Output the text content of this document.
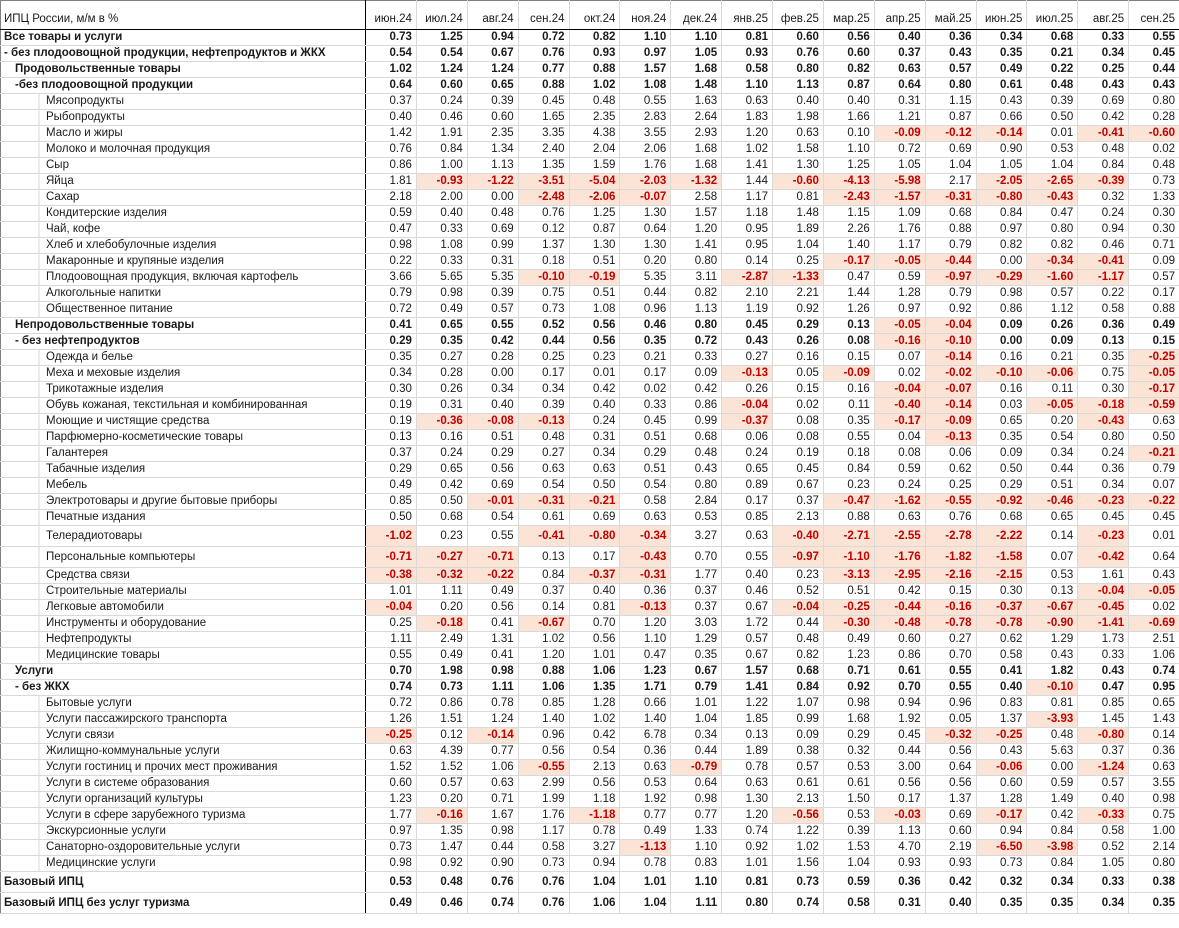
ИПЦ России, м/м в %	июн.24	июл.24	авг.24	сен.24	окт.24	ноя.24	дек.24	янв.25	фев.25	мар.25	апр.25	май.25	июн.25	июл.25	авг.25	сен.25
Все товары и услуги	0.73	1.25	0.94	0.72	0.82	1.10	1.10	0.81	0.60	0.56	0.40	0.36	0.34	0.68	0.33	0.55
- без плодоовощной продукции, нефтепродуктов и ЖКХ	0.54	0.54	0.67	0.76	0.93	0.97	1.05	0.93	0.76	0.60	0.37	0.43	0.35	0.21	0.34	0.45
Продовольственные товары	1.02	1.24	1.24	0.77	0.88	1.57	1.68	0.58	0.80	0.82	0.63	0.57	0.49	0.22	0.25	0.44
-без плодоовощной продукции	0.64	0.60	0.65	0.88	1.02	1.08	1.48	1.10	1.13	0.87	0.64	0.80	0.61	0.48	0.43	0.43
Мясопродукты	0.37	0.24	0.39	0.45	0.48	0.55	1.63	0.63	0.40	0.40	0.31	1.15	0.43	0.39	0.69	0.80
Рыбопродукты	0.40	0.46	0.60	1.65	2.35	2.83	2.64	1.83	1.98	1.66	1.21	0.87	0.66	0.50	0.42	0.28
Масло и жиры	1.42	1.91	2.35	3.35	4.38	3.55	2.93	1.20	0.63	0.10	-0.09	-0.12	-0.14	0.01	-0.41	-0.60
Молоко и молочная продукция	0.76	0.84	1.34	2.40	2.04	2.06	1.68	1.02	1.58	1.10	0.72	0.69	0.90	0.53	0.48	0.02
Сыр	0.86	1.00	1.13	1.35	1.59	1.76	1.68	1.41	1.30	1.25	1.05	1.04	1.05	1.04	0.84	0.48
Яйца	1.81	-0.93	-1.22	-3.51	-5.04	-2.03	-1.32	1.44	-0.60	-4.13	-5.98	2.17	-2.05	-2.65	-0.39	0.73
Сахар	2.18	2.00	0.00	-2.48	-2.06	-0.07	2.58	1.17	0.81	-2.43	-1.57	-0.31	-0.80	-0.43	0.32	1.33
Кондитерские изделия	0.59	0.40	0.48	0.76	1.25	1.30	1.57	1.18	1.48	1.15	1.09	0.68	0.84	0.47	0.24	0.30
Чай, кофе	0.47	0.33	0.69	0.12	0.87	0.64	1.20	0.95	1.89	2.26	1.76	0.88	0.97	0.80	0.94	0.30
Хлеб и хлебобулочные изделия	0.98	1.08	0.99	1.37	1.30	1.30	1.41	0.95	1.04	1.40	1.17	0.79	0.82	0.82	0.46	0.71
Макаронные и крупяные изделия	0.22	0.33	0.31	0.18	0.51	0.20	0.80	0.14	0.25	-0.17	-0.05	-0.44	0.00	-0.34	-0.41	0.09
Плодоовощная продукция, включая картофель	3.66	5.65	5.35	-0.10	-0.19	5.35	3.11	-2.87	-1.33	0.47	0.59	-0.97	-0.29	-1.60	-1.17	0.57
Алкогольные напитки	0.79	0.98	0.39	0.75	0.51	0.44	0.82	2.10	2.21	1.44	1.28	0.79	0.98	0.57	0.22	0.17
Общественное питание	0.72	0.49	0.57	0.73	1.08	0.96	1.13	1.19	0.92	1.26	0.97	0.92	0.86	1.12	0.58	0.88
Непродовольственные товары	0.41	0.65	0.55	0.52	0.56	0.46	0.80	0.45	0.29	0.13	-0.05	-0.04	0.09	0.26	0.36	0.49
- без нефтепродуктов	0.29	0.35	0.42	0.44	0.56	0.35	0.72	0.43	0.26	0.08	-0.16	-0.10	0.00	0.09	0.13	0.15
Одежда и белье	0.35	0.27	0.28	0.25	0.23	0.21	0.33	0.27	0.16	0.15	0.07	-0.14	0.16	0.21	0.35	-0.25
Меха и меховые изделия	0.34	0.28	0.00	0.17	0.01	0.17	0.09	-0.13	0.05	-0.09	0.02	-0.02	-0.10	-0.06	0.75	-0.05
Трикотажные изделия	0.30	0.26	0.34	0.34	0.42	0.02	0.42	0.26	0.15	0.16	-0.04	-0.07	0.16	0.11	0.30	-0.17
Обувь кожаная, текстильная и комбинированная	0.19	0.31	0.40	0.39	0.40	0.33	0.86	-0.04	0.02	0.11	-0.40	-0.14	0.03	-0.05	-0.18	-0.59
Моющие и чистящие средства	0.19	-0.36	-0.08	-0.13	0.24	0.45	0.99	-0.37	0.08	0.35	-0.17	-0.09	0.65	0.20	-0.43	0.63
Парфюмерно-косметические товары	0.13	0.16	0.51	0.48	0.31	0.51	0.68	0.06	0.08	0.55	0.04	-0.13	0.35	0.54	0.80	0.50
Галантерея	0.37	0.24	0.29	0.27	0.34	0.29	0.48	0.24	0.19	0.18	0.08	0.06	0.09	0.34	0.24	-0.21
Табачные изделия	0.29	0.65	0.56	0.63	0.63	0.51	0.43	0.65	0.45	0.84	0.59	0.62	0.50	0.44	0.36	0.79
Мебель	0.49	0.42	0.69	0.54	0.50	0.54	0.80	0.89	0.67	0.23	0.24	0.25	0.29	0.51	0.34	0.07
Электротовары и другие бытовые приборы	0.85	0.50	-0.01	-0.31	-0.21	0.58	2.84	0.17	0.37	-0.47	-1.62	-0.55	-0.92	-0.46	-0.23	-0.22
Печатные издания	0.50	0.68	0.54	0.61	0.69	0.63	0.53	0.85	2.13	0.88	0.63	0.76	0.68	0.65	0.45	0.45
Телерадиотовары	-1.02	0.23	0.55	-0.41	-0.80	-0.34	3.27	0.63	-0.40	-2.71	-2.55	-2.78	-2.22	0.14	-0.23	0.01
Персональные компьютеры	-0.71	-0.27	-0.71	0.13	0.17	-0.43	0.70	0.55	-0.97	-1.10	-1.76	-1.82	-1.58	0.07	-0.42	0.64
Средства связи	-0.38	-0.32	-0.22	0.84	-0.37	-0.31	1.77	0.40	0.23	-3.13	-2.95	-2.16	-2.15	0.53	1.61	0.43
Строительные материалы	1.01	1.11	0.49	0.37	0.40	0.36	0.37	0.46	0.52	0.51	0.42	0.15	0.30	0.13	-0.04	-0.05
Легковые автомобили	-0.04	0.20	0.56	0.14	0.81	-0.13	0.37	0.67	-0.04	-0.25	-0.44	-0.16	-0.37	-0.67	-0.45	0.02
Инструменты и оборудование	0.25	-0.18	0.41	-0.67	0.70	1.20	3.03	1.72	0.44	-0.30	-0.48	-0.78	-0.78	-0.90	-1.41	-0.69
Нефтепродукты	1.11	2.49	1.31	1.02	0.56	1.10	1.29	0.57	0.48	0.49	0.60	0.27	0.62	1.29	1.73	2.51
Медицинские товары	0.55	0.49	0.41	1.20	1.01	0.47	0.35	0.67	0.82	1.23	0.86	0.70	0.58	0.43	0.33	1.06
Услуги	0.70	1.98	0.98	0.88	1.06	1.23	0.67	1.57	0.68	0.71	0.61	0.55	0.41	1.82	0.43	0.74
- без ЖКХ	0.74	0.73	1.11	1.06	1.35	1.71	0.79	1.41	0.84	0.92	0.70	0.55	0.40	-0.10	0.47	0.95
Бытовые услуги	0.72	0.86	0.78	0.85	1.28	0.66	1.01	1.22	1.07	0.98	0.94	0.96	0.83	0.81	0.85	0.65
Услуги пассажирского транспорта	1.26	1.51	1.24	1.40	1.02	1.40	1.04	1.85	0.99	1.68	1.92	0.05	1.37	-3.93	1.45	1.43
Услуги связи	-0.25	0.12	-0.14	0.96	0.42	6.78	0.34	0.13	0.09	0.29	0.45	-0.32	-0.25	0.48	-0.80	0.14
Жилищно-коммунальные услуги	0.63	4.39	0.77	0.56	0.54	0.36	0.44	1.89	0.38	0.32	0.44	0.56	0.43	5.63	0.37	0.36
Услуги гостиниц и прочих мест проживания	1.52	1.52	1.06	-0.55	2.13	0.63	-0.79	0.78	0.57	0.53	3.00	0.64	-0.06	0.00	-1.24	0.63
Услуги в системе образования	0.60	0.57	0.63	2.99	0.56	0.53	0.64	0.63	0.61	0.61	0.56	0.56	0.60	0.59	0.57	3.55
Услуги организаций культуры	1.23	0.20	0.71	1.99	1.18	1.92	0.98	1.30	2.13	1.50	0.17	1.37	1.28	1.49	0.40	0.98
Услуги в сфере зарубежного туризма	1.77	-0.16	1.67	1.76	-1.18	0.77	0.77	1.20	-0.56	0.53	-0.03	0.69	-0.17	0.42	-0.33	0.75
Экскурсионные услуги	0.97	1.35	0.98	1.17	0.78	0.49	1.33	0.74	1.22	0.39	1.13	0.60	0.94	0.84	0.58	1.00
Санаторно-оздоровительные услуги	0.73	1.47	0.44	0.58	3.27	-1.13	1.10	0.92	1.02	1.53	4.70	2.19	-6.50	-3.98	0.52	2.14
Медицинские услуги	0.98	0.92	0.90	0.73	0.94	0.78	0.83	1.01	1.56	1.04	0.93	0.93	0.73	0.84	1.05	0.80
Базовый ИПЦ	0.53	0.48	0.76	0.76	1.04	1.01	1.10	0.81	0.73	0.59	0.36	0.42	0.32	0.34	0.33	0.38
Базовый ИПЦ без услуг туризма	0.49	0.46	0.74	0.76	1.06	1.04	1.11	0.80	0.74	0.58	0.31	0.40	0.35	0.35	0.34	0.35
